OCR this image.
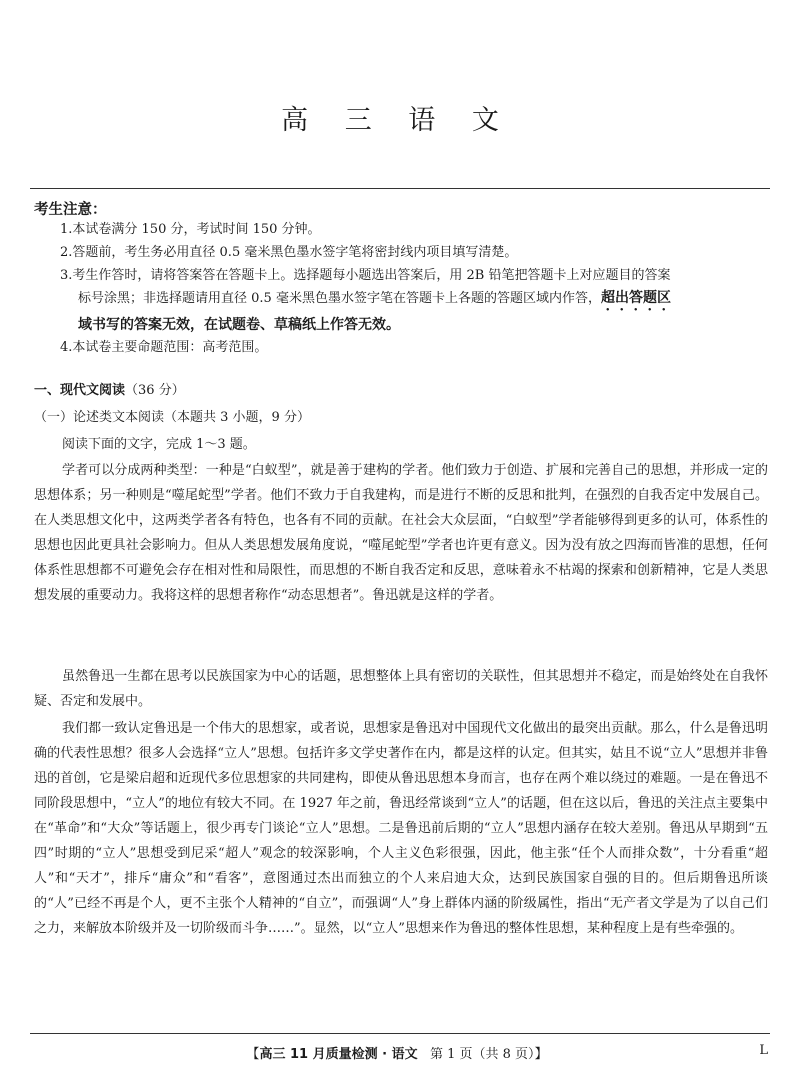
高 三 语 文
考生注意：
1.本试卷满分 150 分，考试时间 150 分钟。
2.答题前，考生务必用直径 0.5 毫米黑色墨水签字笔将密封线内项目填写清楚。
3.考生作答时，请将答案答在答题卡上。选择题每小题选出答案后，用 2B 铅笔把答题卡上对应题目的答案
标号涂黑；非选择题请用直径 0.5 毫米黑色墨水签字笔在答题卡上各题的答题区域内作答，超出答题区
域书写的答案无效，在试题卷、草稿纸上作答无效。
4.本试卷主要命题范围：高考范围。
一、现代文阅读（36 分）
（一）论述类文本阅读（本题共 3 小题，9 分）
阅读下面的文字，完成 1～3 题。
学者可以分成两种类型：一种是“白蚁型”，就是善于建构的学者。他们致力于创造、扩展和完善自己的思想，并形成一定的思想体系；另一种则是“噬尾蛇型”学者。他们不致力于自我建构，而是进行不断的反思和批判，在强烈的自我否定中发展自己。在人类思想文化中，这两类学者各有特色，也各有不同的贡献。在社会大众层面，“白蚁型”学者能够得到更多的认可，体系性的思想也因此更具社会影响力。但从人类思想发展角度说，“噬尾蛇型”学者也许更有意义。因为没有放之四海而皆准的思想，任何体系性思想都不可避免会存在相对性和局限性，而思想的不断自我否定和反思，意味着永不枯竭的探索和创新精神，它是人类思想发展的重要动力。我将这样的思想者称作“动态思想者”。鲁迅就是这样的学者。
虽然鲁迅一生都在思考以民族国家为中心的话题，思想整体上具有密切的关联性，但其思想并不稳定，而是始终处在自我怀疑、否定和发展中。
我们都一致认定鲁迅是一个伟大的思想家，或者说，思想家是鲁迅对中国现代文化做出的最突出贡献。那么，什么是鲁迅明确的代表性思想？很多人会选择“立人”思想。包括许多文学史著作在内，都是这样的认定。但其实，姑且不说“立人”思想并非鲁迅的首创，它是梁启超和近现代多位思想家的共同建构，即使从鲁迅思想本身而言，也存在两个难以绕过的难题。一是在鲁迅不同阶段思想中，“立人”的地位有较大不同。在 1927 年之前，鲁迅经常谈到“立人”的话题，但在这以后，鲁迅的关注点主要集中在“革命”和“大众”等话题上，很少再专门谈论“立人”思想。二是鲁迅前后期的“立人”思想内涵存在较大差别。鲁迅从早期到“五四”时期的“立人”思想受到尼采“超人”观念的较深影响，个人主义色彩很强，因此，他主张“任个人而排众数”，十分看重“超人”和“天才”，排斥“庸众”和“看客”，意图通过杰出而独立的个人来启迪大众，达到民族国家自强的目的。但后期鲁迅所谈的“人”已经不再是个人，更不主张个人精神的“自立”，而强调“人”身上群体内涵的阶级属性，指出“无产者文学是为了以自己们之力，来解放本阶级并及一切阶级而斗争……”。显然，以“立人”思想来作为鲁迅的整体性思想，某种程度上是有些牵强的。
【高三 11 月质量检测 · 语文 第 1 页（共 8 页）】	L
